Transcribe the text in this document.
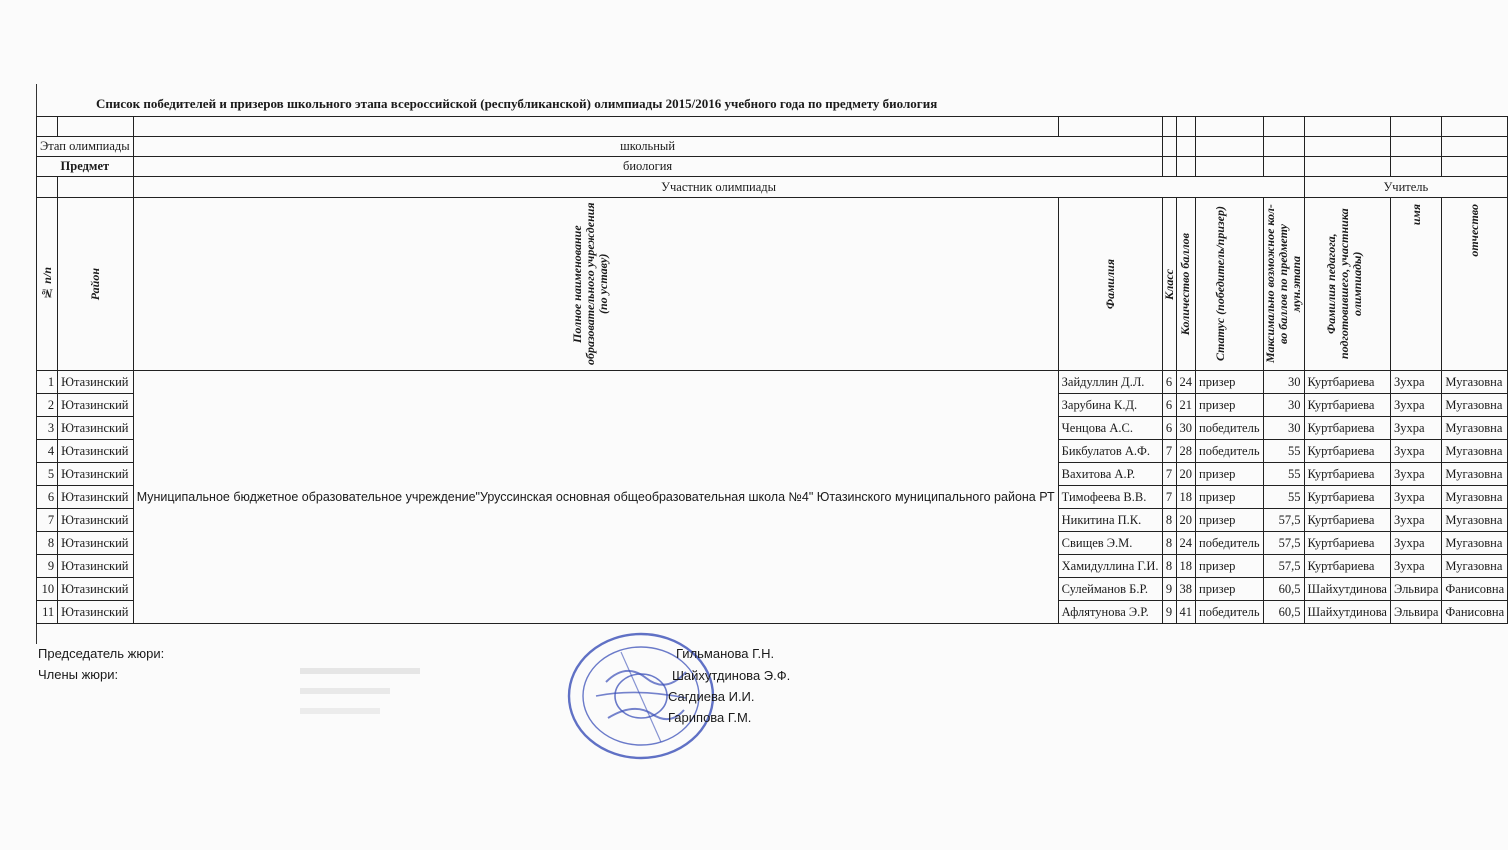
Список победителей и призеров школьного этапа всероссийской (республиканской) олимпиады 2015/2016 учебного года по предмету биология

Этап олимпиады		школьный								
Предмет		биология								
		Участник олимпиады						Учитель		

№ п/п	Район	Полное наименование образовательного учреждения (по уставу)	Фамилия	Класс	Количество баллов	Статус (победитель/призер)	Максимально возможное кол-во баллов по предмету мун.этапа	Фамилия педагога, подготовившего, участника олимпиады)	имя	отчество

1	Ютазинский	Муниципальное бюджетное образовательное учреждение"Уруссинская основная общеобразовательная школа №4" Ютазинского муниципального района РТ	Зайдуллин Д.Л.	6	24	призер	30	Куртбариева	Зухра	Мугазовна
2	Ютазинский		Зарубина К.Д.	6	21	призер	30	Куртбариева	Зухра	Мугазовна
3	Ютазинский		Ченцова А.С.	6	30	победитель	30	Куртбариева	Зухра	Мугазовна
4	Ютазинский		Бикбулатов А.Ф.	7	28	победитель	55	Куртбариева	Зухра	Мугазовна
5	Ютазинский		Вахитова А.Р.	7	20	призер	55	Куртбариева	Зухра	Мугазовна
6	Ютазинский		Тимофеева В.В.	7	18	призер	55	Куртбариева	Зухра	Мугазовна
7	Ютазинский		Никитина П.К.	8	20	призер	57,5	Куртбариева	Зухра	Мугазовна
8	Ютазинский		Свищев Э.М.	8	24	победитель	57,5	Куртбариева	Зухра	Мугазовна
9	Ютазинский		Хамидуллина Г.И.	8	18	призер	57,5	Куртбариева	Зухра	Мугазовна
10	Ютазинский		Сулейманов Б.Р.	9	38	призер	60,5	Шайхутдинова	Эльвира	Фанисовна
11	Ютазинский		Афлятунова Э.Р.	9	41	победитель	60,5	Шайхутдинова	Эльвира	Фанисовна
Председатель жюри:
Члены жюри:
Гильманова Г.Н.
Шайхутдинова Э.Ф.
Сагдиева И.И.
Гарипова Г.М.
